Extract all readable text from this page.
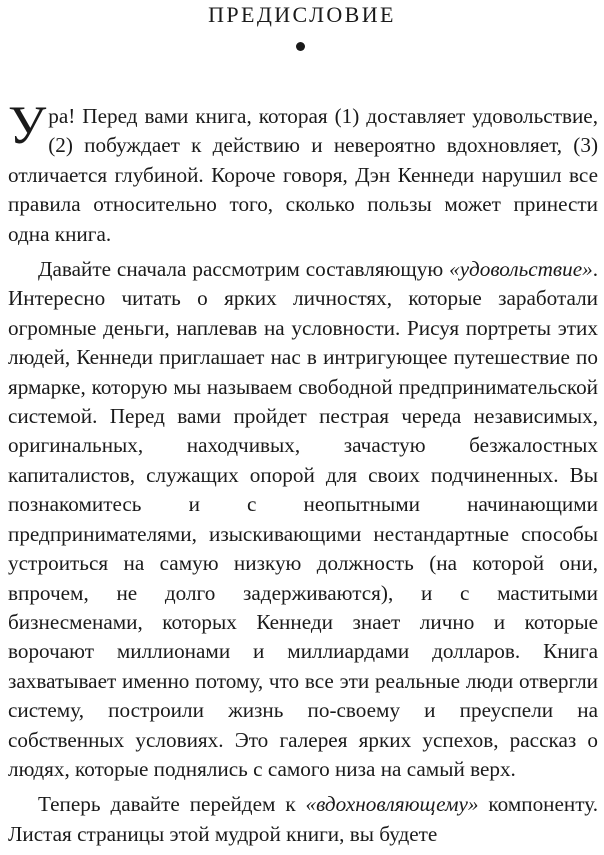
ПРЕДИСЛОВИЕ

Ура! Перед вами книга, которая (1) доставляет удовольствие, (2) побуждает к действию и невероятно вдохновляет, (3) отличается глубиной. Короче говоря, Дэн Кеннеди нарушил все правила относительно того, сколько пользы может принести одна книга.

Давайте сначала рассмотрим составляющую «удовольствие». Интересно читать о ярких личностях, которые заработали огромные деньги, наплевав на условности. Рисуя портреты этих людей, Кеннеди приглашает нас в интригующее путешествие по ярмарке, которую мы называем свободной предпринимательской системой. Перед вами пройдет пестрая череда независимых, оригинальных, находчивых, зачастую безжалостных капиталистов, служащих опорой для своих подчиненных. Вы познакомитесь и с неопытными начинающими предпринимателями, изыскивающими нестандартные способы устроиться на самую низкую должность (на которой они, впрочем, не долго задерживаются), и с маститыми бизнесменами, которых Кеннеди знает лично и которые ворочают миллионами и миллиардами долларов. Книга захватывает именно потому, что все эти реальные люди отвергли систему, построили жизнь по-своему и преуспели на собственных условиях. Это галерея ярких успехов, рассказ о людях, которые поднялись с самого низа на самый верх.

Теперь давайте перейдем к «вдохновляющему» компоненту. Листая страницы этой мудрой книги, вы будете
